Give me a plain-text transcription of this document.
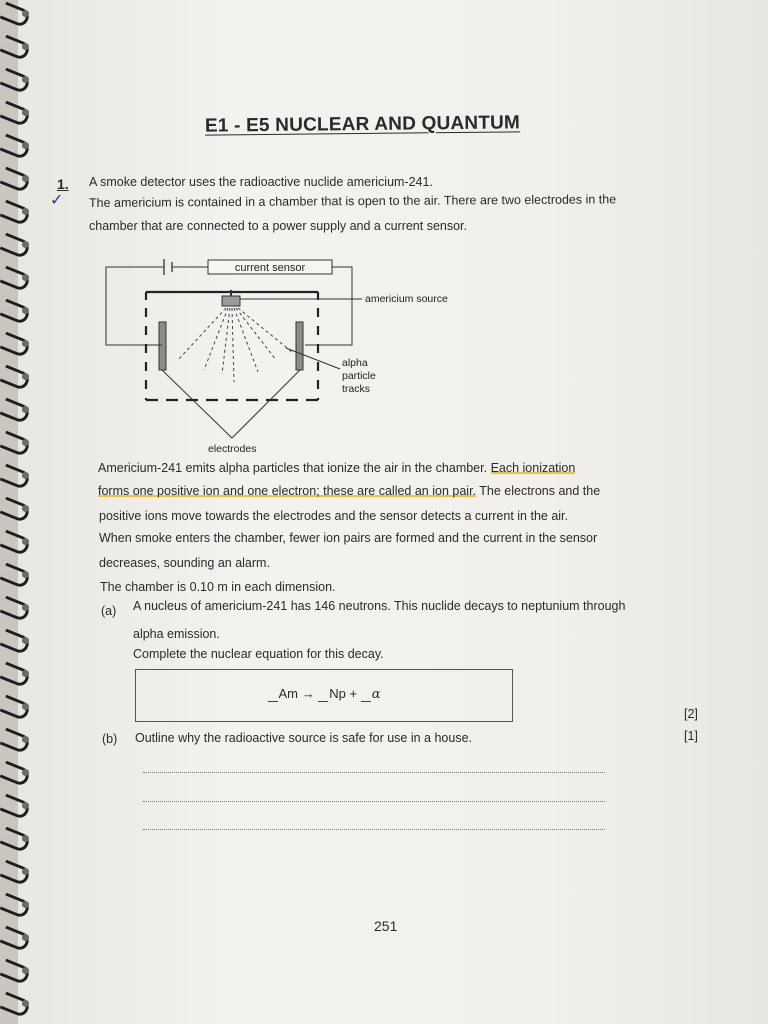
E1 - E5 NUCLEAR AND QUANTUM
✓
1. A smoke detector uses the radioactive nuclide americium-241.
The americium is contained in a chamber that is open to the air. There are two electrodes in the
chamber that are connected to a power supply and a current sensor.
current sensor
americium source
alpha
particle
tracks
electrodes
Americium-241 emits alpha particles that ionize the air in the chamber. Each ionization
forms one positive ion and one electron; these are called an ion pair. The electrons and the
positive ions move towards the electrodes and the sensor detects a current in the air.
When smoke enters the chamber, fewer ion pairs are formed and the current in the sensor
decreases, sounding an alarm.
The chamber is 0.10 m in each dimension.
(a) A nucleus of americium-241 has 146 neutrons. This nuclide decays to neptunium through
alpha emission.
Complete the nuclear equation for this decay.
Am → Np + α
[2]
(b) Outline why the radioactive source is safe for use in a house.	[1]
251
